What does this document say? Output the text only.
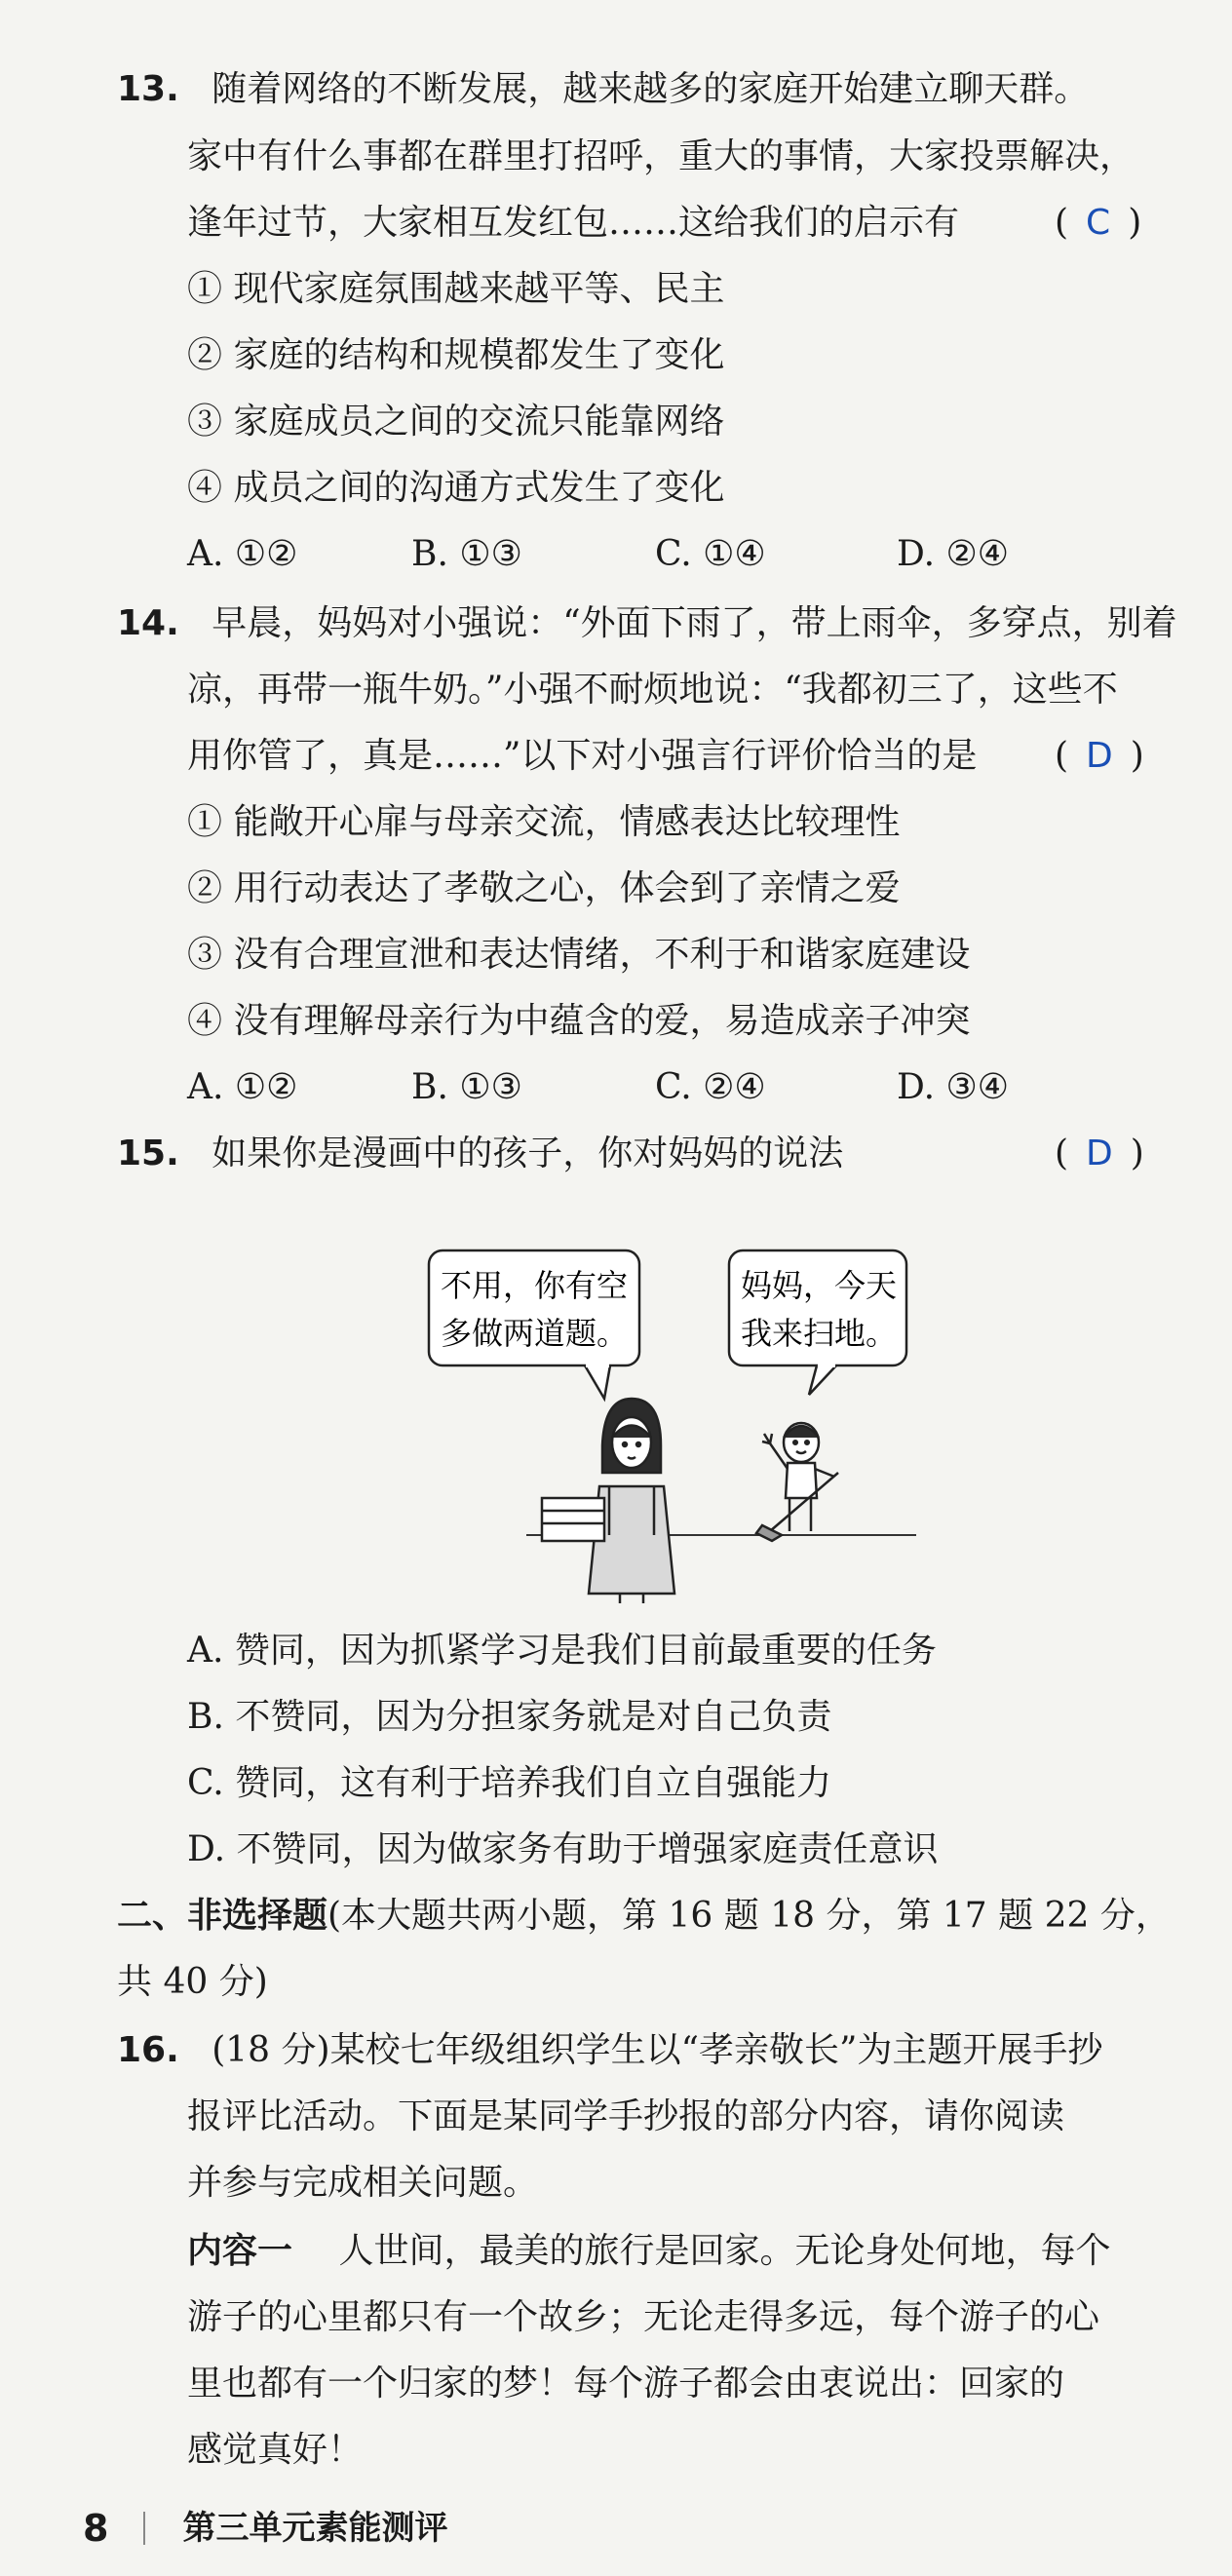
13. 随着网络的不断发展，越来越多的家庭开始建立聊天群。
家中有什么事都在群里打招呼，重大的事情，大家投票解决，
逢年过节，大家相互发红包……这给我们的启示有	( C )
① 现代家庭氛围越来越平等、民主
② 家庭的结构和规模都发生了变化
③ 家庭成员之间的交流只能靠网络
④ 成员之间的沟通方式发生了变化
A. ①②	B. ①③	C. ①④	D. ②④
14. 早晨，妈妈对小强说：“外面下雨了，带上雨伞，多穿点，别着
凉，再带一瓶牛奶。”小强不耐烦地说：“我都初三了，这些不
用你管了，真是……”以下对小强言行评价恰当的是 ( D )
① 能敞开心扉与母亲交流，情感表达比较理性
② 用行动表达了孝敬之心，体会到了亲情之爱
③ 没有合理宣泄和表达情绪，不利于和谐家庭建设
④ 没有理解母亲行为中蕴含的爱，易造成亲子冲突
A. ①②	B. ①③	C. ②④	D. ③④
15. 如果你是漫画中的孩子，你对妈妈的说法	( D )
不用，你有空
多做两道题。
妈妈，今天
我来扫地。
A. 赞同，因为抓紧学习是我们目前最重要的任务
B. 不赞同，因为分担家务就是对自己负责
C. 赞同，这有利于培养我们自立自强能力
D. 不赞同，因为做家务有助于增强家庭责任意识
二、非选择题(本大题共两小题，第 16 题 18 分，第 17 题 22 分，
共 40 分)
16. (18 分)某校七年级组织学生以“孝亲敬长”为主题开展手抄
报评比活动。下面是某同学手抄报的部分内容，请你阅读
并参与完成相关问题。
内容一 人世间，最美的旅行是回家。无论身处何地，每个
游子的心里都只有一个故乡；无论走得多远，每个游子的心
里也都有一个归家的梦！每个游子都会由衷说出：回家的
感觉真好！
8 第三单元素能测评
